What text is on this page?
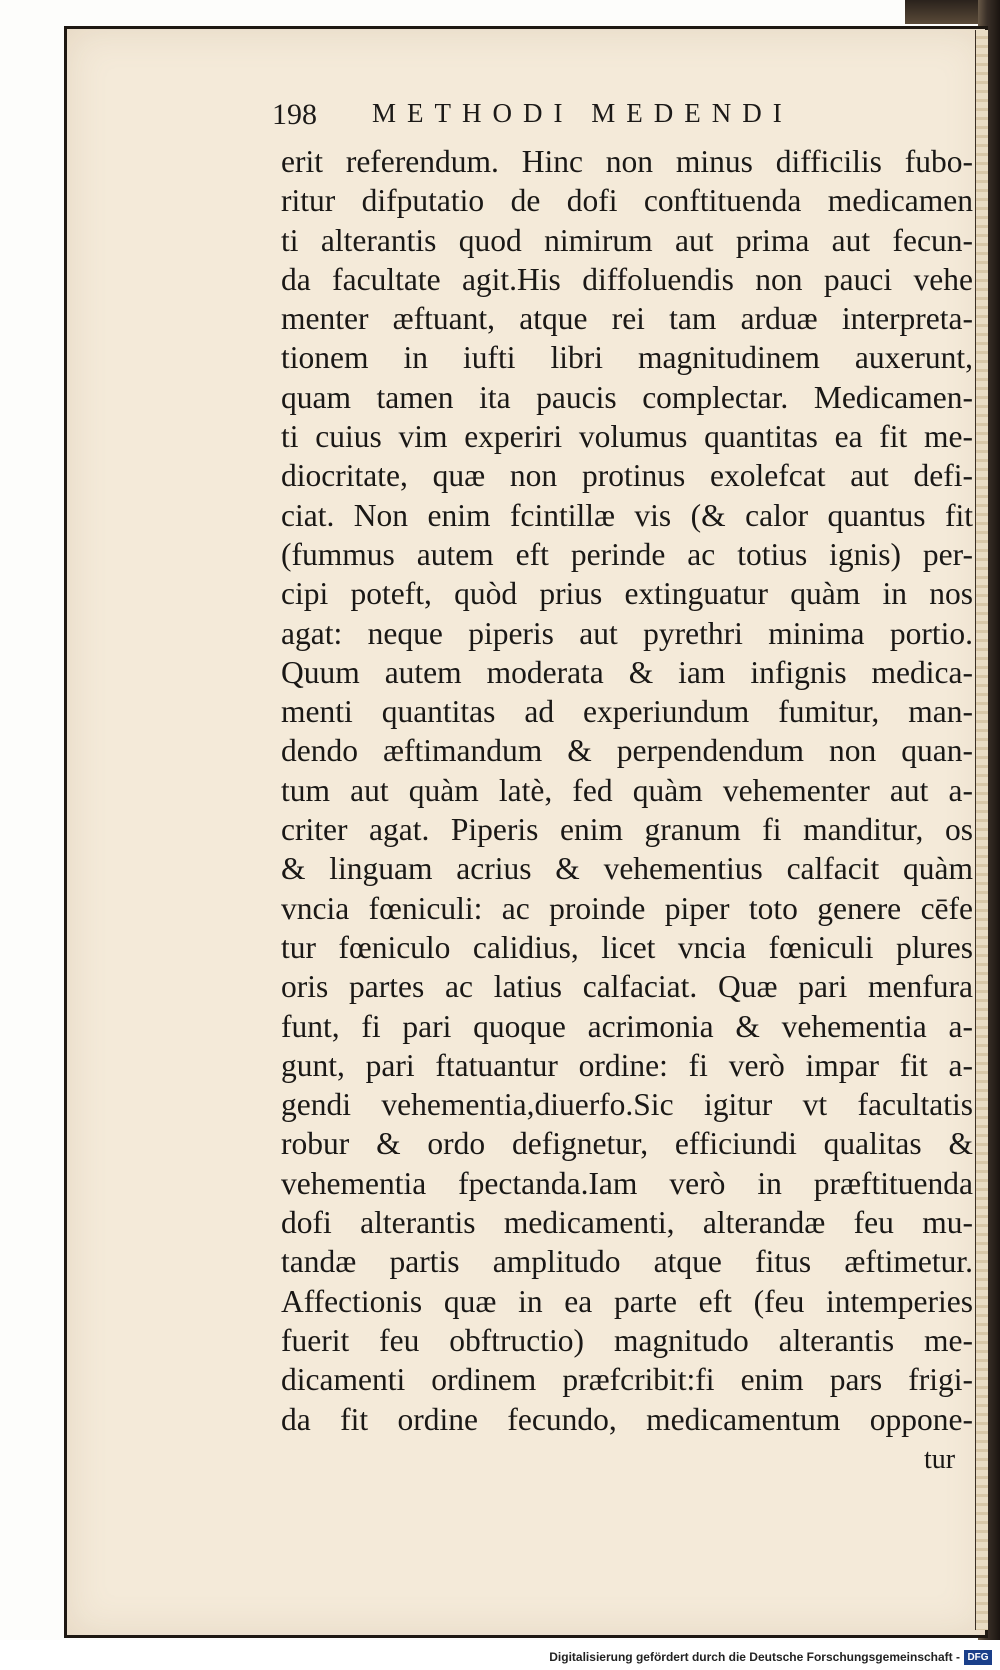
198 METHODI MEDENDI
erit referendum. Hinc non minus difficilis fubo-
ritur difputatio de dofi conftituenda medicamen
ti alterantis quod nimirum aut prima aut fecun-
da facultate agit.His diffoluendis non pauci vehe
menter æftuant, atque rei tam arduæ interpreta-
tionem in iufti libri magnitudinem auxerunt,
quam tamen ita paucis complectar. Medicamen-
ti cuius vim experiri volumus quantitas ea fit me-
diocritate, quæ non protinus exolefcat aut defi-
ciat. Non enim fcintillæ vis (& calor quantus fit
(fummus autem eft perinde ac totius ignis) per-
cipi poteft, quòd prius extinguatur quàm in nos
agat: neque piperis aut pyrethri minima portio.
Quum autem moderata & iam infignis medica-
menti quantitas ad experiundum fumitur, man-
dendo æftimandum & perpendendum non quan-
tum aut quàm latè, fed quàm vehementer aut a-
criter agat. Piperis enim granum fi manditur, os
& linguam acrius & vehementius calfacit quàm
vncia fœniculi: ac proinde piper toto genere cēfe
tur fœniculo calidius, licet vncia fœniculi plures
oris partes ac latius calfaciat. Quæ pari menfura
funt, fi pari quoque acrimonia & vehementia a-
gunt, pari ftatuantur ordine: fi verò impar fit a-
gendi vehementia,diuerfo.Sic igitur vt facultatis
robur & ordo defignetur, efficiundi qualitas &
vehementia fpectanda.Iam verò in præftituenda
dofi alterantis medicamenti, alterandæ feu mu-
tandæ partis amplitudo atque fitus æftimetur.
Affectionis quæ in ea parte eft (feu intemperies
fuerit feu obftructio) magnitudo alterantis me-
dicamenti ordinem præfcribit:fi enim pars frigi-
da fit ordine fecundo, medicamentum oppone-
tur
Digitalisierung gefördert durch die Deutsche Forschungsgemeinschaft - DFG
